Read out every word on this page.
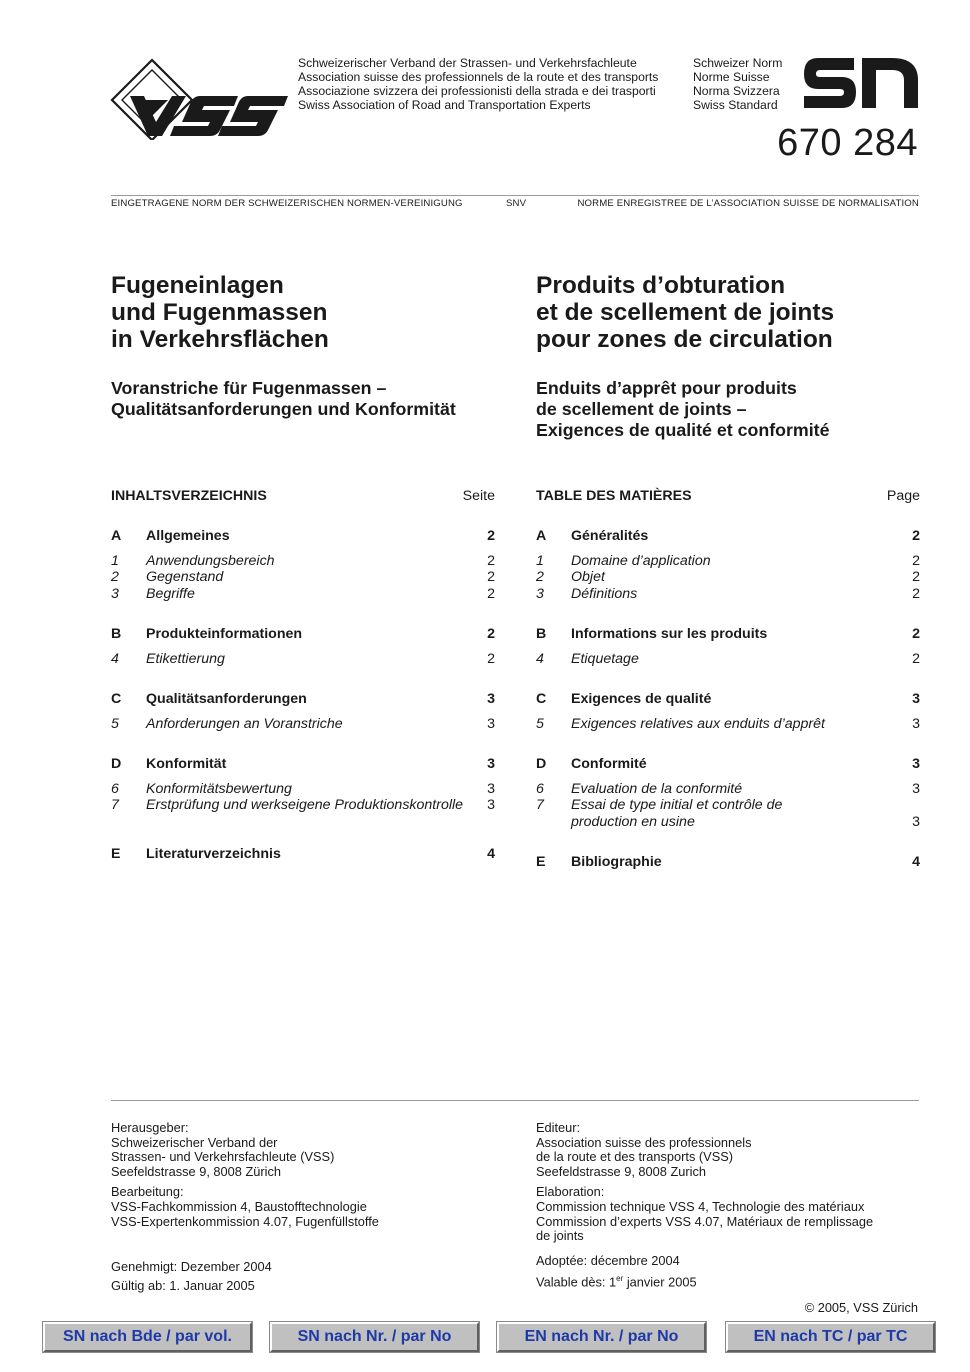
Schweizerischer Verband der Strassen- und Verkehrsfachleute
Association suisse des professionnels de la route et des transports
Associazione svizzera dei professionisti della strada e dei trasporti
Swiss Association of Road and Transportation Experts
Schweizer Norm
Norme Suisse
Norma Svizzera
Swiss Standard
670 284
EINGETRAGENE NORM DER SCHWEIZERISCHEN NORMEN-VEREINIGUNG	SNV	NORME ENREGISTREE DE L’ASSOCIATION SUISSE DE NORMALISATION
Fugeneinlagen
und Fugenmassen
in Verkehrsflächen
Produits d’obturation
et de scellement de joints
pour zones de circulation
Voranstriche für Fugenmassen –
Qualitätsanforderungen und Konformität
Enduits d’apprêt pour produits
de scellement de joints –
Exigences de qualité et conformité
INHALTSVERZEICHNIS	Seite
A	Allgemeines	2
1	Anwendungsbereich	2
2	Gegenstand	2
3	Begriffe	2
B	Produkteinformationen	2
4	Etikettierung	2
C	Qualitätsanforderungen	3
5	Anforderungen an Voranstriche	3
D	Konformität	3
6	Konformitätsbewertung	3
7	Erstprüfung und werkseigene Produktionskontrolle	3
E	Literaturverzeichnis	4
TABLE DES MATIÈRES	Page
A	Généralités	2
1	Domaine d’application	2
2	Objet	2
3	Définitions	2
B	Informations sur les produits	2
4	Etiquetage	2
C	Exigences de qualité	3
5	Exigences relatives aux enduits d’apprêt	3
D	Conformité	3
6	Evaluation de la conformité	3
7	Essai de type initial et contrôle de production en usine	3
E	Bibliographie	4
Herausgeber:
Schweizerischer Verband der
Strassen- und Verkehrsfachleute (VSS)
Seefeldstrasse 9, 8008 Zürich
Bearbeitung:
VSS-Fachkommission 4, Baustofftechnologie
VSS-Expertenkommission 4.07, Fugenfüllstoffe
Genehmigt: Dezember 2004
Gültig ab: 1. Januar 2005
Editeur:
Association suisse des professionnels
de la route et des transports (VSS)
Seefeldstrasse 9, 8008 Zurich
Elaboration:
Commission technique VSS 4, Technologie des matériaux
Commission d’experts VSS 4.07, Matériaux de remplissage
de joints
Adoptée: décembre 2004
Valable dès: 1er janvier 2005
© 2005, VSS Zürich
SN nach Bde / par vol.	SN nach Nr. / par No	EN nach Nr. / par No	EN nach TC / par TC
